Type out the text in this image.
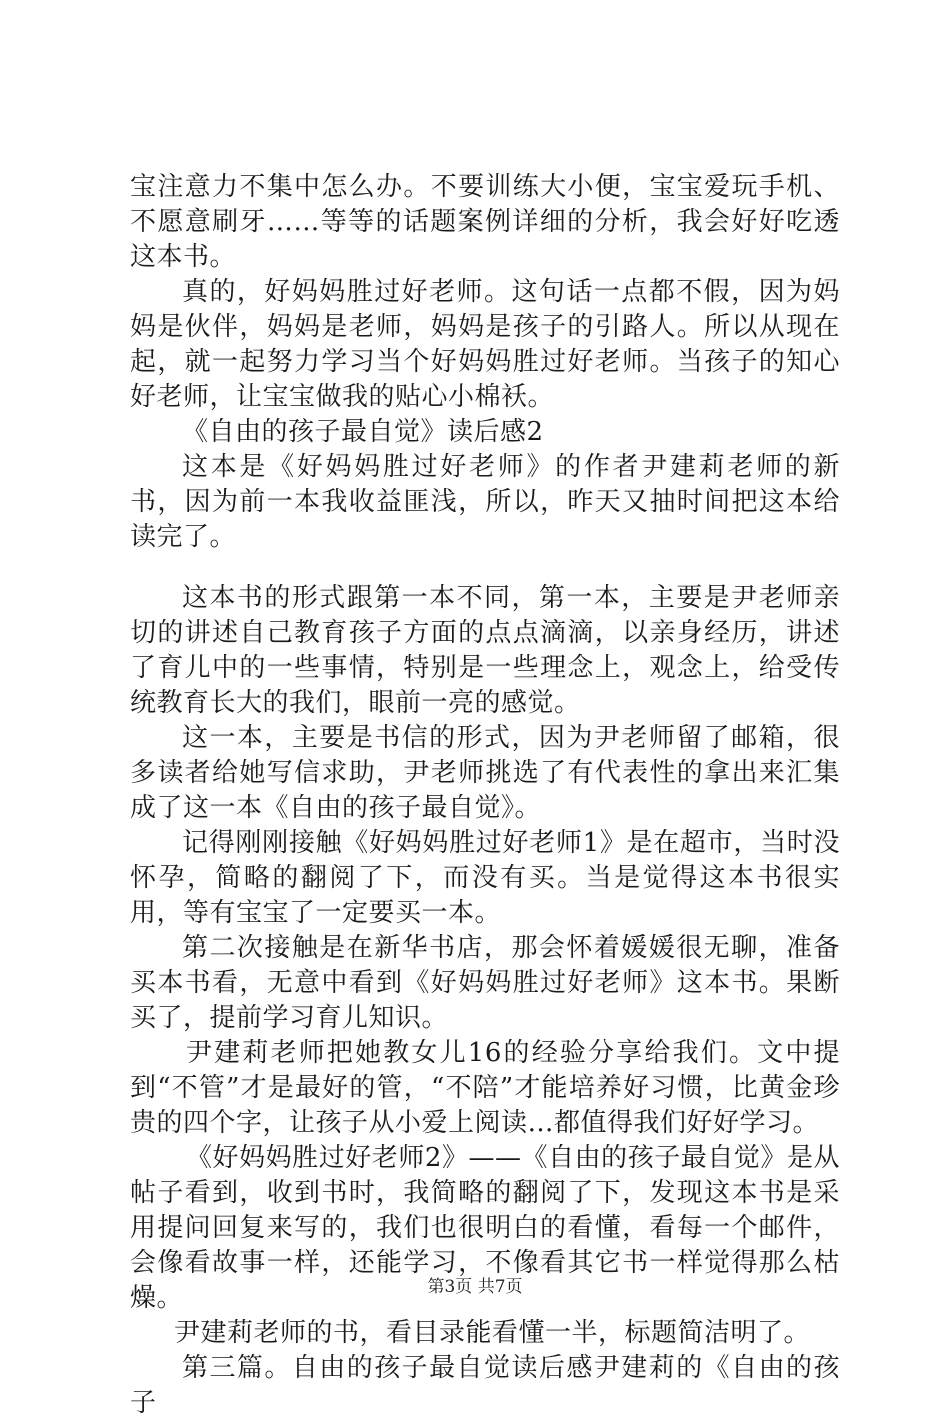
宝注意力不集中怎么办。不要训练大小便，宝宝爱玩手机、不愿意刷牙……等等的话题案例详细的分析，我会好好吃透这本书。

真的，好妈妈胜过好老师。这句话一点都不假，因为妈妈是伙伴，妈妈是老师，妈妈是孩子的引路人。所以从现在起，就一起努力学习当个好妈妈胜过好老师。当孩子的知心好老师，让宝宝做我的贴心小棉袄。

《自由的孩子最自觉》读后感2

这本是《好妈妈胜过好老师》的作者尹建莉老师的新书，因为前一本我收益匪浅，所以，昨天又抽时间把这本给读完了。

这本书的形式跟第一本不同，第一本，主要是尹老师亲切的讲述自己教育孩子方面的点点滴滴，以亲身经历，讲述了育儿中的一些事情，特别是一些理念上，观念上，给受传统教育长大的我们，眼前一亮的感觉。

这一本，主要是书信的形式，因为尹老师留了邮箱，很多读者给她写信求助，尹老师挑选了有代表性的拿出来汇集成了这一本《自由的孩子最自觉》。

记得刚刚接触《好妈妈胜过好老师1》是在超市，当时没怀孕，简略的翻阅了下，而没有买。当是觉得这本书很实用，等有宝宝了一定要买一本。

第二次接触是在新华书店，那会怀着媛媛很无聊，准备买本书看，无意中看到《好妈妈胜过好老师》这本书。果断买了，提前学习育儿知识。

尹建莉老师把她教女儿16的经验分享给我们。文中提到“不管”才是最好的管，“不陪”才能培养好习惯，比黄金珍贵的四个字，让孩子从小爱上阅读…都值得我们好好学习。

《好妈妈胜过好老师2》——《自由的孩子最自觉》是从帖子看到，收到书时，我简略的翻阅了下，发现这本书是采用提问回复来写的，我们也很明白的看懂，看每一个邮件，会像看故事一样，还能学习，不像看其它书一样觉得那么枯燥。

尹建莉老师的书，看目录能看懂一半，标题简洁明了。

第三篇。自由的孩子最自觉读后感尹建莉的《自由的孩子

第3页 共7页
